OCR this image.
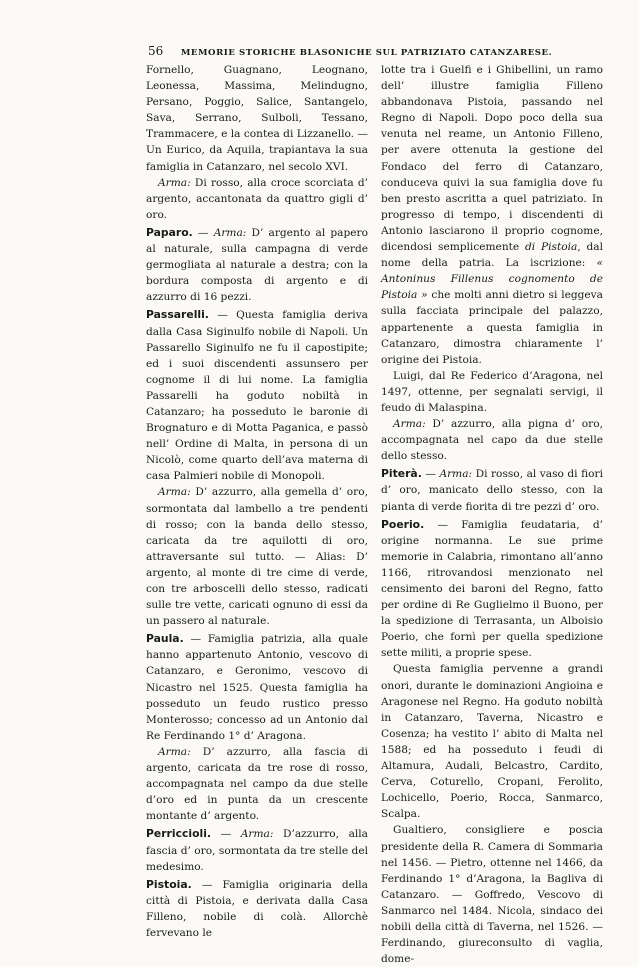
56 MEMORIE STORICHE BLASONICHE SUL PATRIZIATO CATANZARESE.

Fornello, Guagnano, Leognano, Leonessa, Massima, Melindugno, Persano, Poggio, Salice, Santangelo, Sava, Serrano, Sulboli, Tessano, Trammacere, e la contea di Lizzanello. — Un Eurico, da Aquila, trapiantava la sua famiglia in Catanzaro, nel secolo XVI.

Arma: Di rosso, alla croce scorciata d’ argento, accantonata da quattro gigli d’ oro.

Paparo. — Arma: D’ argento al papero al naturale, sulla campagna di verde germogliata al naturale a destra; con la bordura composta di argento e di azzurro di 16 pezzi.

Passarelli. — Questa famiglia deriva dalla Casa Siginulfo nobile di Napoli. Un Passarello Siginulfo ne fu il capostipite; ed i suoi discendenti assunsero per cognome il di lui nome. La famiglia Passarelli ha goduto nobiltà in Catanzaro; ha posseduto le baronie di Brognaturo e di Motta Paganica, e passò nell’ Ordine di Malta, in persona di un Nicolò, come quarto dell’ava materna di casa Palmieri nobile di Monopoli.

Arma: D’ azzurro, alla gemella d’ oro, sormontata dal lambello a tre pendenti di rosso; con la banda dello stesso, caricata da tre aquilotti di oro, attraversante sul tutto. — Alias: D’ argento, al monte di tre cime di verde, con tre arboscelli dello stesso, radicati sulle tre vette, caricati ognuno di essi da un passero al naturale.

Paula. — Famiglia patrizia, alla quale hanno appartenuto Antonio, vescovo di Catanzaro, e Geronimo, vescovo di Nicastro nel 1525. Questa famiglia ha posseduto un feudo rustico presso Monterosso; concesso ad un Antonio dal Re Ferdinando 1° d’ Aragona.

Arma: D’ azzurro, alla fascia di argento, caricata da tre rose di rosso, accompagnata nel campo da due stelle d’oro ed in punta da un crescente montante d’ argento.

Perriccioli. — Arma: D’azzurro, alla fascia d’ oro, sormontata da tre stelle del medesimo.

Pistoia. — Famiglia originaria della città di Pistoia, e derivata dalla Casa Filleno, nobile di colà. Allorchè fervevano le

lotte tra i Guelfi e i Ghibellini, un ramo dell’ illustre famiglia Filleno abbandonava Pistoia, passando nel Regno di Napoli. Dopo poco della sua venuta nel reame, un Antonio Filleno, per avere ottenuta la gestione del Fondaco del ferro di Catanzaro, conduceva quivi la sua famiglia dove fu ben presto ascritta a quel patriziato. In progresso di tempo, i discendenti di Antonio lasciarono il proprio cognome, dicendosi semplicemente di Pistoia, dal nome della patria. La iscrizione: « Antoninus Fillenus cognomento de Pistoia » che molti anni dietro si leggeva sulla facciata principale del palazzo, appartenente a questa famiglia in Catanzaro, dimostra chiaramente l’ origine dei Pistoia.

Luigi, dal Re Federico d’Aragona, nel 1497, ottenne, per segnalati servigi, il feudo di Malaspina.

Arma: D’ azzurro, alla pigna d’ oro, accompagnata nel capo da due stelle dello stesso.

Piterà. — Arma: Di rosso, al vaso di fiori d’ oro, manicato dello stesso, con la pianta di verde fiorita di tre pezzi d’ oro.

Poerio. — Famiglia feudataria, d’ origine normanna. Le sue prime memorie in Calabria, rimontano all’anno 1166, ritrovandosi menzionato nel censimento dei baroni del Regno, fatto per ordine di Re Guglielmo il Buono, per la spedizione di Terrasanta, un Alboisio Poerio, che fornì per quella spedizione sette militi, a proprie spese.

Questa famiglia pervenne a grandi onori, durante le dominazioni Angioina e Aragonese nel Regno. Ha goduto nobiltà in Catanzaro, Taverna, Nicastro e Cosenza; ha vestito l’ abito di Malta nel 1588; ed ha posseduto i feudi di Altamura, Audali, Belcastro, Cardito, Cerva, Coturello, Cropani, Ferolito, Lochicello, Poerio, Rocca, Sanmarco, Scalpa.

Gualtiero, consigliere e poscia presidente della R. Camera di Sommaria nel 1456. — Pietro, ottenne nel 1466, da Ferdinando 1° d’Aragona, la Bagliva di Catanzaro. — Goffredo, Vescovo di Sanmarco nel 1484. Nicola, sindaco dei nobili della città di Taverna, nel 1526. — Ferdinando, giureconsulto di vaglia, dome-
